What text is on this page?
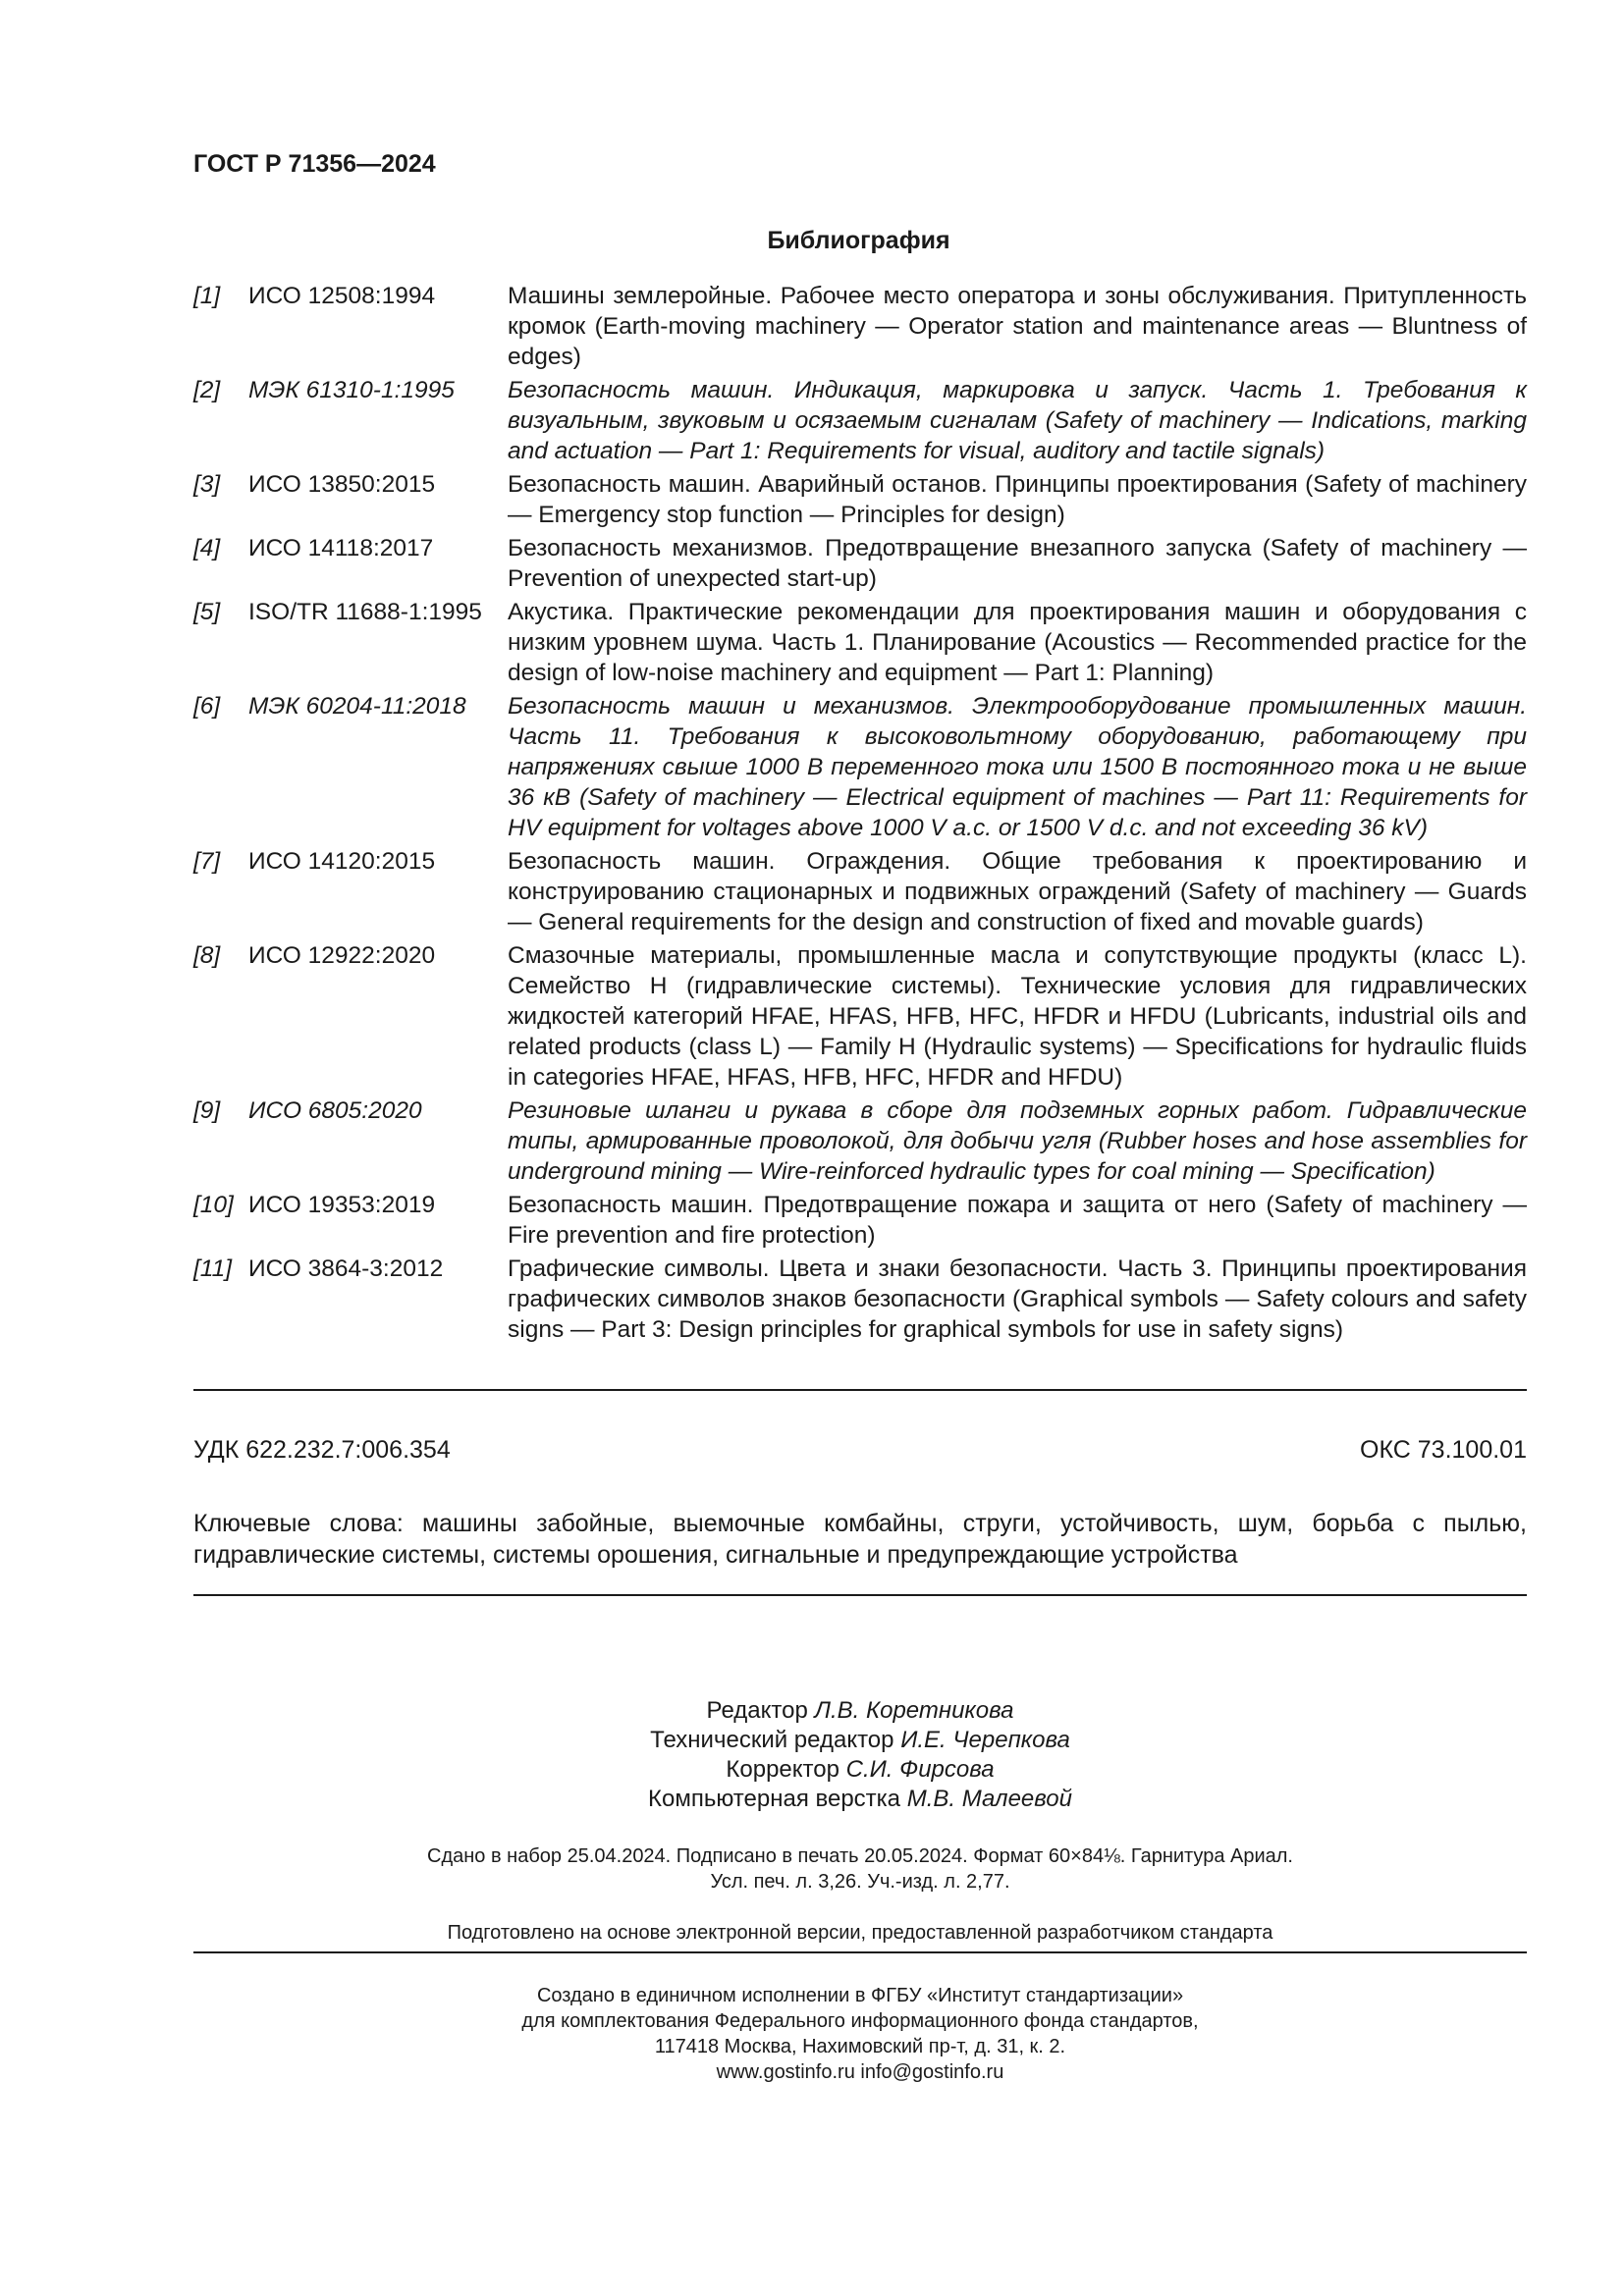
ГОСТ Р 71356—2024
Библиография
[1] ИСО 12508:1994	Машины землеройные. Рабочее место оператора и зоны обслуживания. Притупленность кромок (Earth-moving machinery — Operator station and maintenance areas — Bluntness of edges)
[2] МЭК 61310-1:1995 Безопасность машин. Индикация, маркировка и запуск. Часть 1. Требования к визуальным, звуковым и осязаемым сигналам (Safety of machinery — Indications, marking and actuation — Part 1: Requirements for visual, auditory and tactile signals)
[3] ИСО 13850:2015	Безопасность машин. Аварийный останов. Принципы проектирования (Safety of machinery — Emergency stop function — Principles for design)
[4] ИСО 14118:2017	Безопасность механизмов. Предотвращение внезапного запуска (Safety of machinery — Prevention of unexpected start-up)
[5] ISO/TR 11688-1:1995 Акустика. Практические рекомендации для проектирования машин и оборудования с низким уровнем шума. Часть 1. Планирование (Acoustics — Recommended practice for the design of low-noise machinery and equipment — Part 1: Planning)
[6] МЭК 60204-11:2018 Безопасность машин и механизмов. Электрооборудование промышленных машин. Часть 11. Требования к высоковольтному оборудованию, работающему при напряжениях свыше 1000 В переменного тока или 1500 В постоянного тока и не выше 36 кВ (Safety of machinery — Electrical equipment of machines — Part 11: Requirements for HV equipment for voltages above 1000 V a.c. or 1500 V d.c. and not exceeding 36 kV)
[7] ИСО 14120:2015	Безопасность машин. Ограждения. Общие требования к проектированию и конструированию стационарных и подвижных ограждений (Safety of machinery — Guards — General requirements for the design and construction of fixed and movable guards)
[8] ИСО 12922:2020	Смазочные материалы, промышленные масла и сопутствующие продукты (класс L). Семейство H (гидравлические системы). Технические условия для гидравлических жидкостей категорий HFAE, HFAS, HFB, HFC, HFDR и HFDU (Lubricants, industrial oils and related products (class L) — Family H (Hydraulic systems) — Specifications for hydraulic fluids in categories HFAE, HFAS, HFB, HFC, HFDR and HFDU)
[9] ИСО 6805:2020	Резиновые шланги и рукава в сборе для подземных горных работ. Гидравлические типы, армированные проволокой, для добычи угля (Rubber hoses and hose assemblies for underground mining — Wire-reinforced hydraulic types for coal mining — Specification)
[10] ИСО 19353:2019	Безопасность машин. Предотвращение пожара и защита от него (Safety of machinery — Fire prevention and fire protection)
[11] ИСО 3864-3:2012	Графические символы. Цвета и знаки безопасности. Часть 3. Принципы проектирования графических символов знаков безопасности (Graphical symbols — Safety colours and safety signs — Part 3: Design principles for graphical symbols for use in safety signs)
УДК 622.232.7:006.354	ОКС 73.100.01
Ключевые слова: машины забойные, выемочные комбайны, струги, устойчивость, шум, борьба с пылью, гидравлические системы, системы орошения, сигнальные и предупреждающие устройства
Редактор Л.В. Коретникова
Технический редактор И.Е. Черепкова
Корректор С.И. Фирсова
Компьютерная верстка М.В. Малеевой
Сдано в набор 25.04.2024. Подписано в печать 20.05.2024. Формат 60×84⅛. Гарнитура Ариал.
Усл. печ. л. 3,26. Уч.-изд. л. 2,77.
Подготовлено на основе электронной версии, предоставленной разработчиком стандарта
Создано в единичном исполнении в ФГБУ «Институт стандартизации»
для комплектования Федерального информационного фонда стандартов,
117418 Москва, Нахимовский пр-т, д. 31, к. 2.
www.gostinfo.ru info@gostinfo.ru
